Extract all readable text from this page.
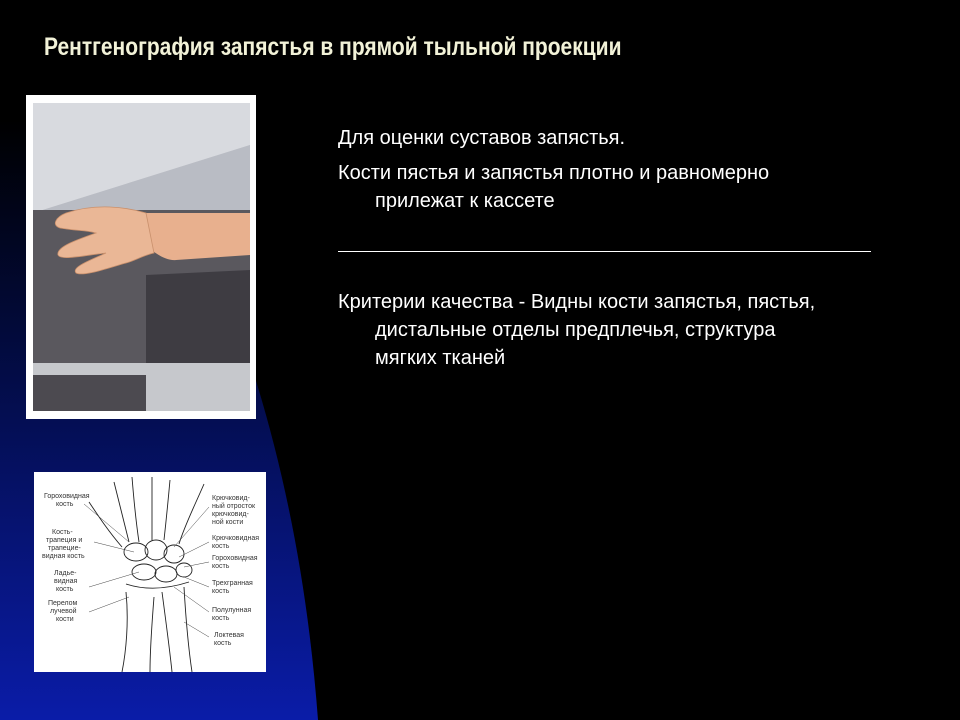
Рентгенография запястья в прямой тыльной проекции
Гороховидная
кость
Кость-
трапеция и
трапецие-
видная кость
Ладье-
видная
кость
Перелом
лучевой
кости
Крючковид-
ный отросток
крючковид-
ной кости
Крючковидная
кость
Гороховидная
кость
Трехгранная
кость
Полулунная
кость
Локтевая
кость
Для оценки суставов запястья.
Кости пястья и запястья плотно и равномерно
прилежат к кассете
Критерии качества - Видны кости запястья, пястья,
дистальные отделы предплечья, структура
мягких тканей
